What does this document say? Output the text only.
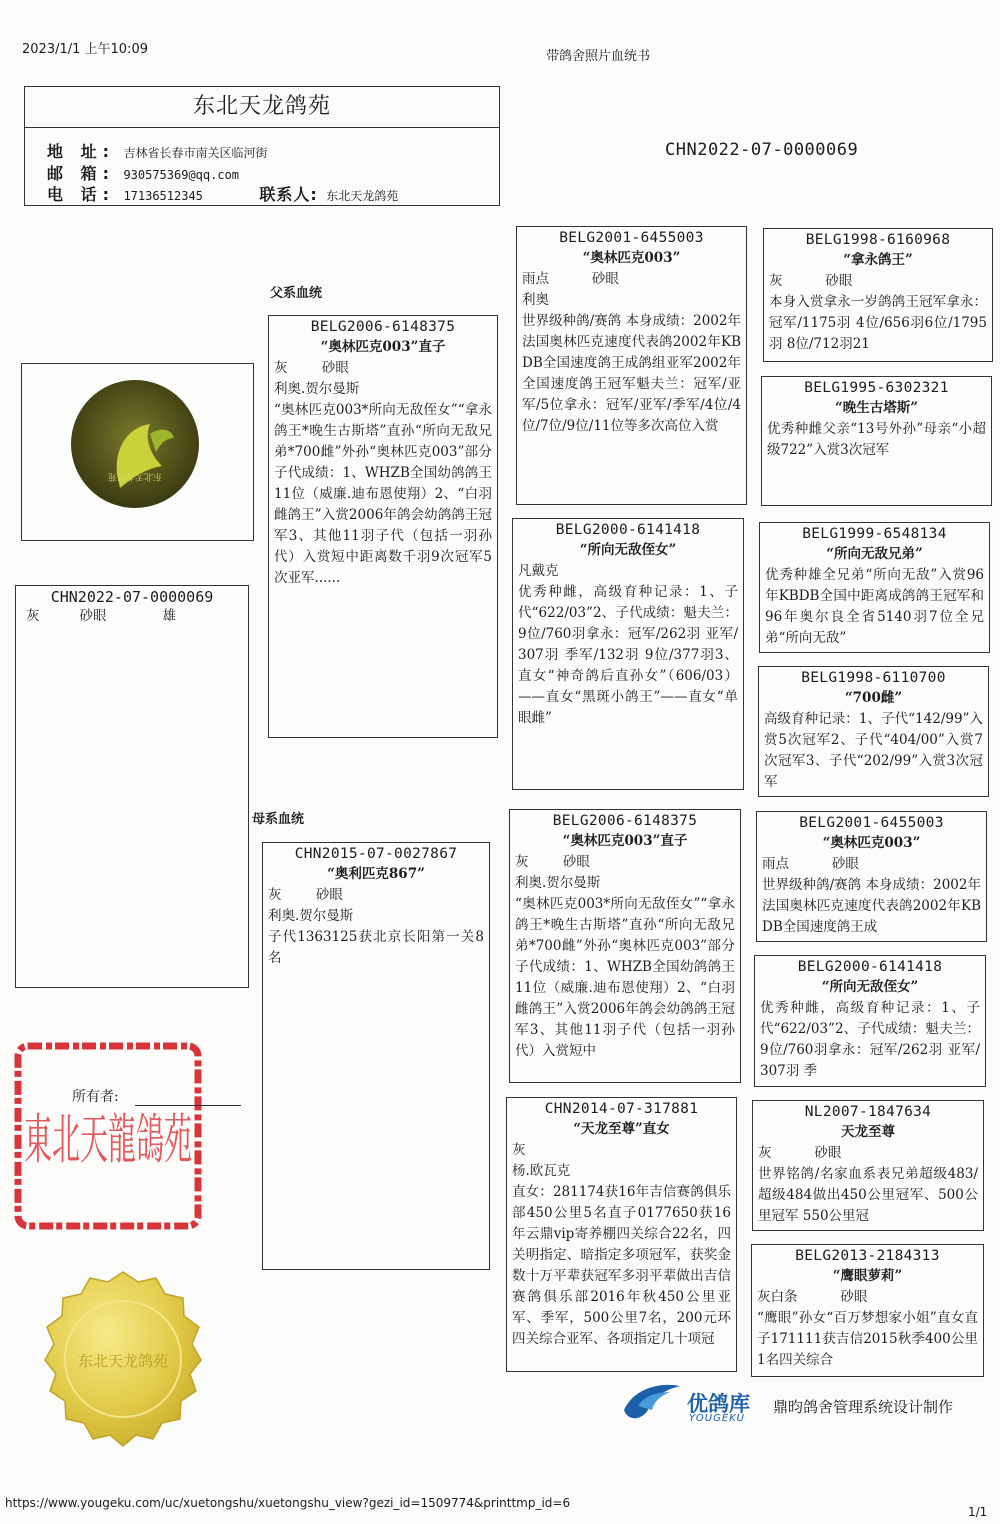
2023/1/1 上午10:09	带鸽舍照片血统书
东北天龙鸽苑
地 址: 吉林省长春市南关区临河街
邮 箱: 930575369@qq.com
电 话: 17136512345	联系人: 东北天龙鸽苑
CHN2022-07-0000069
父系血统
母系血统
东北天龙鸽苑
CHN2022-07-0000069
灰	砂眼	雄
BELG2006-6148375
“奥林匹克003”直子
灰        砂眼
利奥.贺尔曼斯
“奥林匹克003*所向无敌侄女”“拿永鸽王*晚生古斯塔”直孙“所向无敌兄弟*700雌”外孙“奥林匹克003”部分子代成绩：1、WHZB全国幼鸽鸽王11位（威廉.迪布恩使翔）2、“白羽雌鸽王”入赏2006年鸽会幼鸽鸽王冠军3、其他11羽子代（包括一羽孙代）入赏短中距离数千羽9次冠军5次亚军......
CHN2015-07-0027867
“奥利匹克867”
灰        砂眼
利奥.贺尔曼斯
子代1363125获北京长阳第一关8名
BELG2001-6455003
“奥林匹克003”
雨点          砂眼
利奥
世界级种鸽/赛鸽 本身成绩：2002年法国奥林匹克速度代表鸽2002年KBDB全国速度鸽王成鸽组亚军2002年全国速度鸽王冠军魁夫兰：冠军/亚军/5位拿永：冠军/亚军/季军/4位/4位/7位/9位/11位等多次高位入赏
BELG2000-6141418
“所向无敌侄女”
凡戴克
优秀种雌，高级育种记录：1、子代“622/03”2、子代成绩：魁夫兰：9位/760羽拿永：冠军/262羽 亚军/307羽 季军/132羽 9位/377羽3、直女“神奇鸽后直孙女”（606/03）——直女“黑斑小鸽王”——直女“单眼雌”
BELG2006-6148375
“奥林匹克003”直子
灰        砂眼
利奥.贺尔曼斯
“奥林匹克003*所向无敌侄女”“拿永鸽王*晚生古斯塔”直孙“所向无敌兄弟*700雌”外孙“奥林匹克003”部分子代成绩：1、WHZB全国幼鸽鸽王11位（威廉.迪布恩使翔）2、“白羽雌鸽王”入赏2006年鸽会幼鸽鸽王冠军3、其他11羽子代（包括一羽孙代）入赏短中
CHN2014-07-317881
“天龙至尊”直女
灰
杨.欧瓦克
直女：281174获16年吉信赛鸽俱乐部450公里5名直子0177650获16年云鼎vip寄养棚四关综合22名，四关明指定、暗指定多项冠军，获奖金数十万平辈获冠军多羽平辈做出吉信赛鸽俱乐部2016年秋450公里亚军、季军，500公里7名，200元环四关综合亚军、各项指定几十项冠
BELG1998-6160968
“拿永鸽王”
灰          砂眼
本身入赏拿永一岁鸽鸽王冠军拿永：冠军/1175羽 4位/656羽6位/1795羽 8位/712羽21
BELG1995-6302321
“晚生古塔斯”
优秀种雌父亲“13号外孙”母亲“小超级722”入赏3次冠军
BELG1999-6548134
“所向无敌兄弟”
优秀种雄全兄弟“所向无敌”入赏96年KBDB全国中距离成鸽鸽王冠军和96年奥尔良全省5140羽7位全兄弟“所向无敌”
BELG1998-6110700
“700雌”
高级育种记录：1、子代“142/99”入赏5次冠军2、子代“404/00”入赏7次冠军3、子代“202/99”入赏3次冠军
BELG2001-6455003
“奥林匹克003”
雨点          砂眼
世界级种鸽/赛鸽 本身成绩：2002年法国奥林匹克速度代表鸽2002年KBDB全国速度鸽王成
BELG2000-6141418
“所向无敌侄女”
优秀种雌，高级育种记录：1、子代“622/03”2、子代成绩：魁夫兰：9位/760羽拿永：冠军/262羽 亚军/307羽 季
NL2007-1847634
天龙至尊
灰          砂眼
世界铭鸽/名家血系表兄弟超级483/超级484做出450公里冠军、500公里冠军 550公里冠
BELG2013-2184313
“鹰眼萝莉”
灰白条          砂眼
“鹰眼”孙女“百万梦想家小姐”直女直子171111获吉信2015秋季400公里1名四关综合
東北天龍鴿苑
所有者:
东北天龙鸽苑
优鸽库
YOUGEKU
鼎昀鸽舍管理系统设计制作
https://www.yougeku.com/uc/xuetongshu/xuetongshu_view?gezi_id=1509774&printtmp_id=6
1/1
